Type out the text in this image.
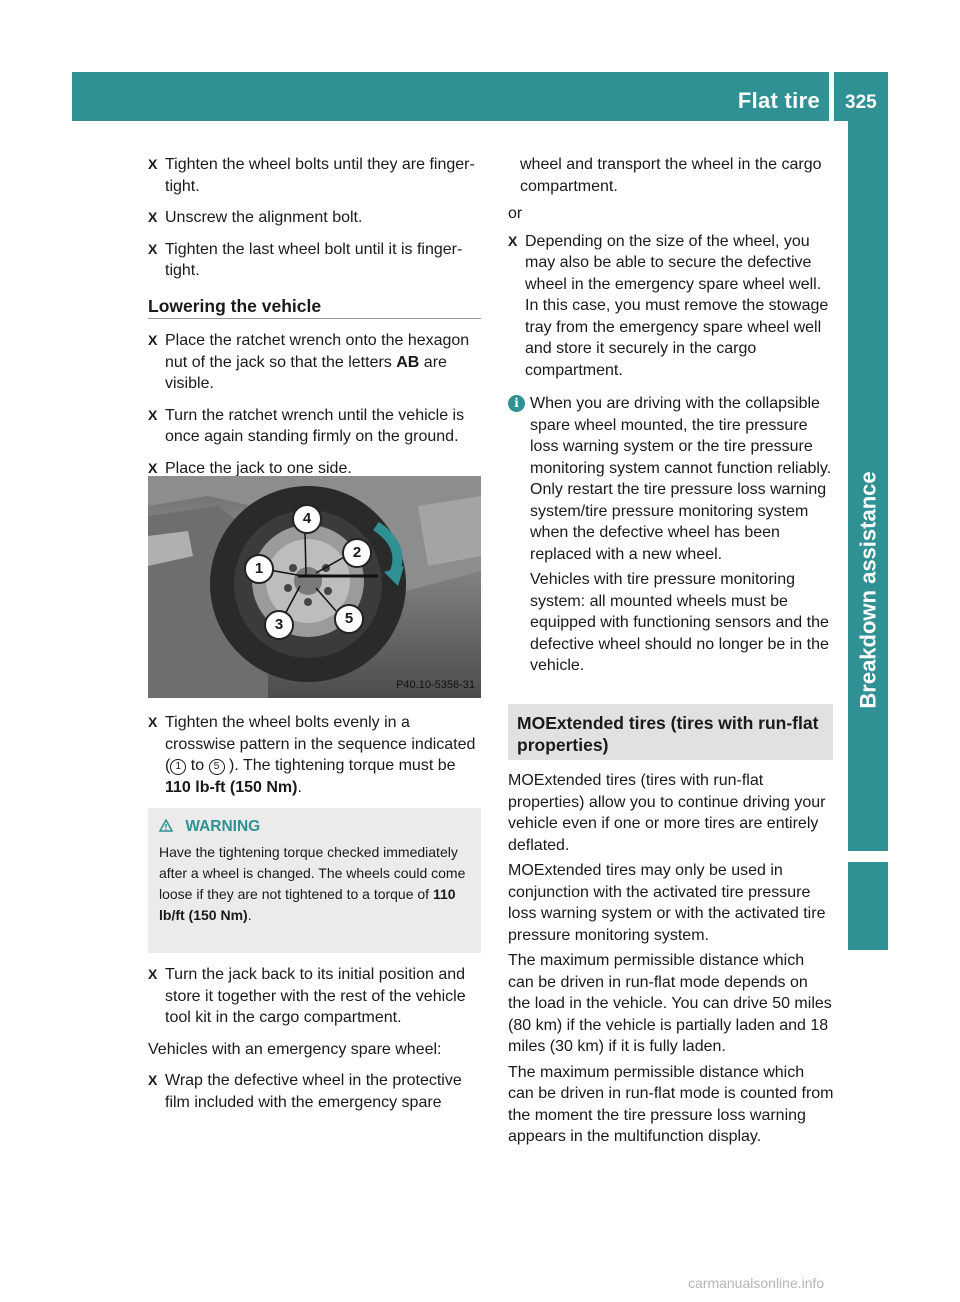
Flat tire 325
Breakdown assistance

X Tighten the wheel bolts until they are finger-tight.

X Unscrew the alignment bolt.

X Tighten the last wheel bolt until it is finger-tight.

Lowering the vehicle

X Place the ratchet wrench onto the hexagon nut of the jack so that the letters AB are visible.

X Turn the ratchet wrench until the vehicle is once again standing firmly on the ground.

X Place the jack to one side.

1
2
3
4
5
P40.10-5356-31

X Tighten the wheel bolts evenly in a crosswise pattern in the sequence indicated ( 1 to 5 ). The tightening torque must be 110 lb-ft (150 Nm).

WARNING
Have the tightening torque checked immediately after a wheel is changed. The wheels could come loose if they are not tightened to a torque of 110 lb/ft (150 Nm).

X Turn the jack back to its initial position and store it together with the rest of the vehicle tool kit in the cargo compartment.

Vehicles with an emergency spare wheel:

X Wrap the defective wheel in the protective film included with the emergency spare

wheel and transport the wheel in the cargo compartment.

or

X Depending on the size of the wheel, you may also be able to secure the defective wheel in the emergency spare wheel well. In this case, you must remove the stowage tray from the emergency spare wheel well and store it securely in the cargo compartment.

i When you are driving with the collapsible spare wheel mounted, the tire pressure loss warning system or the tire pressure monitoring system cannot function reliably. Only restart the tire pressure loss warning system/tire pressure monitoring system when the defective wheel has been replaced with a new wheel.

Vehicles with tire pressure monitoring system: all mounted wheels must be equipped with functioning sensors and the defective wheel should no longer be in the vehicle.

MOExtended tires (tires with run-flat properties)

MOExtended tires (tires with run-flat properties) allow you to continue driving your vehicle even if one or more tires are entirely deflated.

MOExtended tires may only be used in conjunction with the activated tire pressure loss warning system or with the activated tire pressure monitoring system.

The maximum permissible distance which can be driven in run-flat mode depends on the load in the vehicle. You can drive 50 miles (80 km) if the vehicle is partially laden and 18 miles (30 km) if it is fully laden.

The maximum permissible distance which can be driven in run-flat mode is counted from the moment the tire pressure loss warning appears in the multifunction display.

carmanualsonline.info
